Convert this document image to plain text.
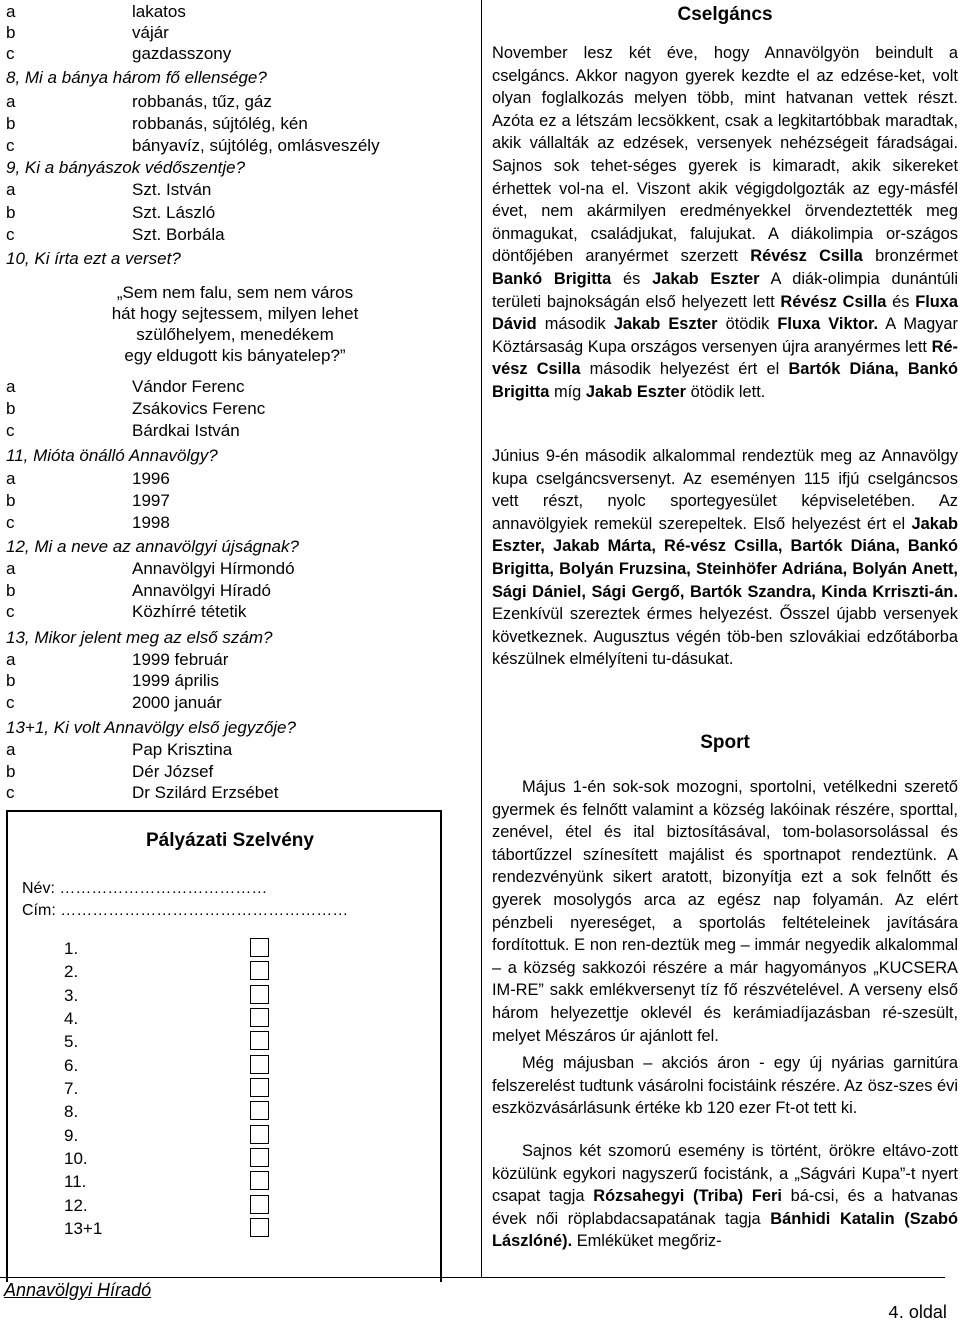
a	lakatos
b	vájár
c	gazdasszony
8, Mi a bánya három fő ellensége?
a	robbanás, tűz, gáz
b	robbanás, sújtólég, kén
c	bányavíz, sújtólég, omlásveszély
9, Ki a bányászok védőszentje?
a	Szt. István
b	Szt. László
c	Szt. Borbála
10, Ki írta ezt a verset?
„Sem nem falu, sem nem város
hát hogy sejtessem, milyen lehet
szülőhelyem, menedékem
egy eldugott kis bányatelep?”
a	Vándor Ferenc
b	Zsákovics Ferenc
c	Bárdkai István
11, Mióta önálló Annavölgy?
a	1996
b	1997
c	1998
12, Mi a neve az annavölgyi újságnak?
a	Annavölgyi Hírmondó
b	Annavölgyi Híradó
c	Közhírré tétetik
13, Mikor jelent meg az első szám?
a	1999 február
b	1999 április
c	2000 január
13+1, Ki volt Annavölgy első jegyzője?
a	Pap Krisztina
b	Dér József
c	Dr Szilárd Erzsébet
Pályázati Szelvény
Név: …………………………………
Cím: ………………………………………………
1.
2.
3.
4.
5.
6.
7.
8.
9.
10.
11.
12.
13+1
Cselgáncs
November lesz két éve, hogy Annavölgyön beindult a cselgáncs. Akkor nagyon gyerek kezdte el az edzése-ket, volt olyan foglalkozás melyen több, mint hatvanan vettek részt. Azóta ez a létszám lecsökkent, csak a legkitartóbbak maradtak, akik vállalták az edzések, versenyek nehézségeit fáradságai. Sajnos sok tehet-séges gyerek is kimaradt, akik sikereket érhettek vol-na el. Viszont akik végigdolgozták az egy-másfél évet, nem akármilyen eredményekkel örvendeztették meg önmagukat, családjukat, falujukat. A diákolimpia or-szágos döntőjében aranyérmet szerzett Révész Csilla bronzérmet Bankó Brigitta és Jakab Eszter A diák-olimpia dunántúli területi bajnokságán első helyezett lett Révész Csilla és Fluxa Dávid második Jakab Eszter ötödik Fluxa Viktor. A Magyar Köztársaság Kupa országos versenyen újra aranyérmes lett Ré-vész Csilla második helyezést ért el Bartók Diána, Bankó Brigitta míg Jakab Eszter ötödik lett.
Június 9-én második alkalommal rendeztük meg az Annavölgy kupa cselgáncsversenyt. Az eseményen 115 ifjú cselgáncsos vett részt, nyolc sportegyesület képviseletében. Az annavölgyiek remekül szerepeltek. Első helyezést ért el Jakab Eszter, Jakab Márta, Ré-vész Csilla, Bartók Diána, Bankó Brigitta, Bolyán Fruzsina, Steinhöfer Adriána, Bolyán Anett, Sági Dániel, Sági Gergő, Bartók Szandra, Kinda Krriszti-án. Ezenkívül szereztek érmes helyezést. Ősszel újabb versenyek következnek. Augusztus végén töb-ben szlovákiai edzőtáborba készülnek elmélyíteni tu-dásukat.
Sport
Május 1-én sok-sok mozogni, sportolni, vetélkedni szerető gyermek és felnőtt valamint a község lakóinak részére, sporttal, zenével, étel és ital biztosításával, tom-bolasorsolással és tábortűzzel színesített majálist és sportnapot rendeztünk. A rendezvényünk sikert aratott, bizonyítja ezt a sok felnőtt és gyerek mosolygós arca az egész nap folyamán. Az elért pénzbeli nyereséget, a sportolás feltételeinek javítására fordítottuk. E non ren-deztük meg – immár negyedik alkalommal – a község sakkozói részére a már hagyományos „KUCSERA IM-RE” sakk emlékversenyt tíz fő részvételével. A verseny első három helyezettje oklevél és kerámiadíjazásban ré-szesült, melyet Mészáros úr ajánlott fel.
Még májusban – akciós áron - egy új nyárias garnitúra felszerelést tudtunk vásárolni focistáink részére. Az ösz-szes évi eszközvásárlásunk értéke kb 120 ezer Ft-ot tett ki.
Sajnos két szomorú esemény is történt, örökre eltávo-zott közülünk egykori nagyszerű focistánk, a „Ságvári Kupa”-t nyert csapat tagja Rózsahegyi (Triba) Feri bá-csi, és a hatvanas évek női röplabdacsapatának tagja Bánhidi Katalin (Szabó Lászlóné). Emléküket megőriz-
Annavölgyi Híradó
4. oldal
